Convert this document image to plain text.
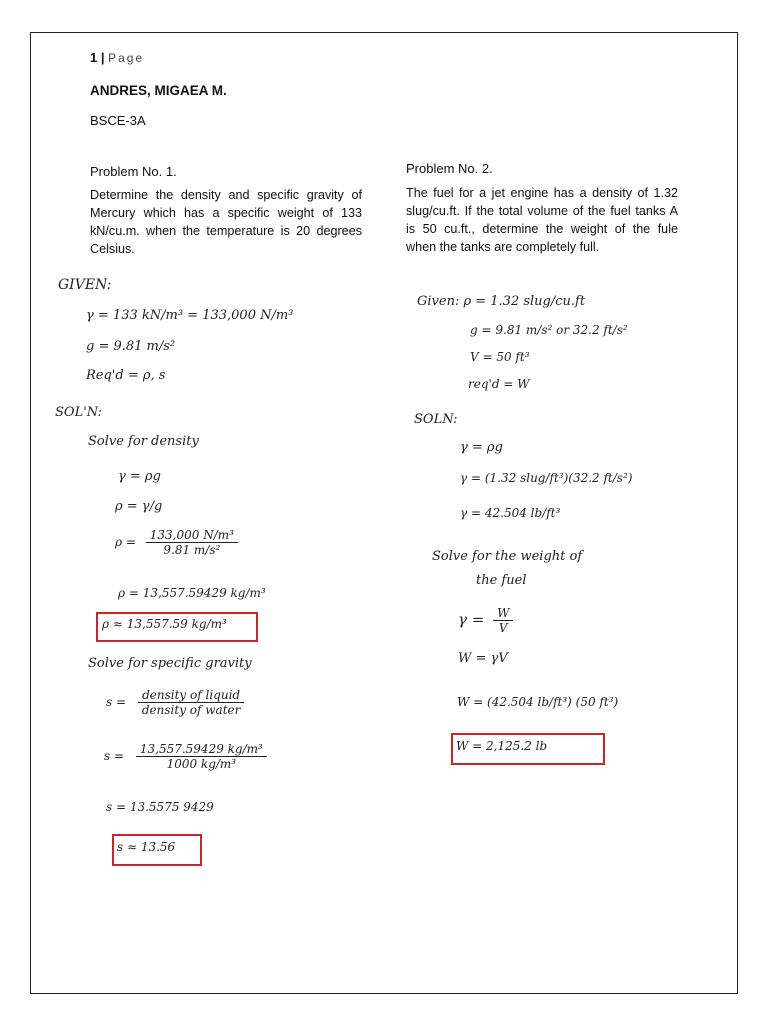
1 | Page
ANDRES, MIGAEA M.
BSCE-3A
Problem No. 1.
Determine the density and specific gravity of Mercury which has a specific weight of 133 kN/cu.m. when the temperature is 20 degrees Celsius.
Problem No. 2.
The fuel for a jet engine has a density of 1.32 slug/cu.ft. If the total volume of the fuel tanks A is 50 cu.ft., determine the weight of the fule when the tanks are completely full.
GIVEN:
γ = 133 kN/m³ = 133,000 N/m³
g = 9.81 m/s²
Req'd = ρ, s
SOL'N:
Solve for density
γ = ρg
ρ = γ/g
$\rho = \frac{\text{133,000 N/m³}}{\text{9.81 m/s²}}$
ρ = 13,557.59429 kg/m³
ρ ≈ 13,557.59 kg/m³
Solve for specific gravity
$s = \frac{\text{density of liquid}}{\text{density of water}}$
$s = \frac{\text{13,557.59429 kg/m³}}{\text{1000 kg/m³}}$
s = 13.5575 9429
s ≈ 13.56
Given: ρ = 1.32 slug/cu.ft
g = 9.81 m/s² or 32.2 ft/s²
V = 50 ft³
req'd = W
SOLN:
γ = ρg
γ = (1.32 slug/ft³)(32.2 ft/s²)
γ = 42.504 lb/ft³
Solve for the weight of
the fuel
$\gamma = \frac{W}{V}$
W = γV
W = (42.504 lb/ft³) (50 ft³)
W = 2,125.2 lb
